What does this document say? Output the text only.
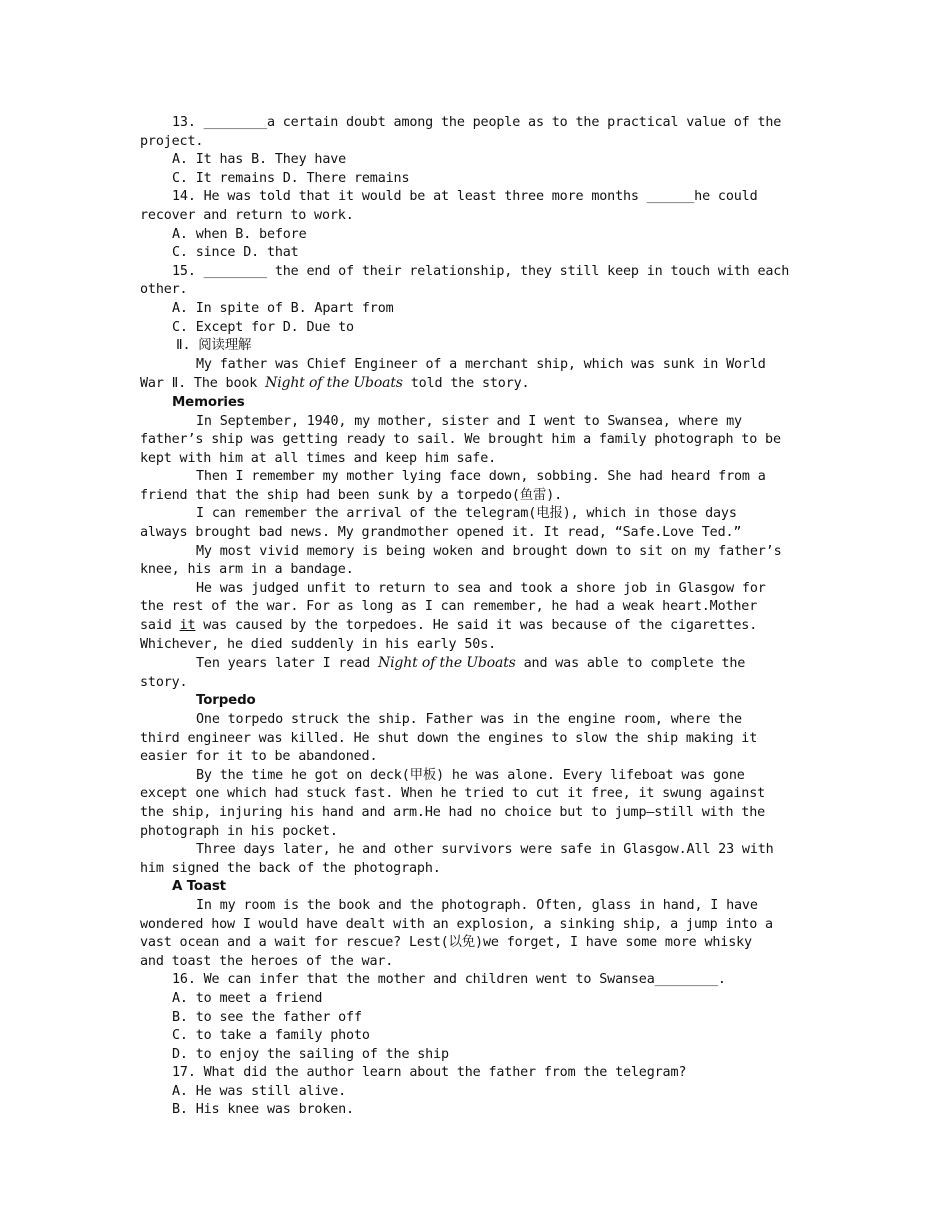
13. ________a certain doubt among the people as to the practical value of the

project.

A. It has B. They have

C. It remains D. There remains

14. He was told that it would be at least three more months ______he could

recover and return to work.

A. when B. before

C. since D. that

15. ________ the end of their relationship, they still keep in touch with each

other.

A. In spite of B. Apart from

C. Except for D. Due to

Ⅱ. 阅读理解

My father was Chief Engineer of a merchant ship, which was sunk in World

War Ⅱ. The book Night of the Uboats told the story.

Memories

In September, 1940, my mother, sister and I went to Swansea, where my

father’s ship was getting ready to sail. We brought him a family photograph to be

kept with him at all times and keep him safe.

Then I remember my mother lying face down, sobbing. She had heard from a

friend that the ship had been sunk by a torpedo(鱼雷).

I can remember the arrival of the telegram(电报), which in those days

always brought bad news. My grandmother opened it. It read, “Safe.Love Ted.”

My most vivid memory is being woken and brought down to sit on my father’s

knee, his arm in a bandage.

He was judged unfit to return to sea and took a shore job in Glasgow for

the rest of the war. For as long as I can remember, he had a weak heart.Mother

said it was caused by the torpedoes. He said it was because of the cigarettes.

Whichever, he died suddenly in his early 50s.

Ten years later I read Night of the Uboats and was able to complete the

story.

Torpedo

One torpedo struck the ship. Father was in the engine room, where the

third engineer was killed. He shut down the engines to slow the ship making it

easier for it to be abandoned.

By the time he got on deck(甲板) he was alone. Every lifeboat was gone

except one which had stuck fast. When he tried to cut it free, it swung against

the ship, injuring his hand and arm.He had no choice but to jump—still with the

photograph in his pocket.

Three days later, he and other survivors were safe in Glasgow.All 23 with

him signed the back of the photograph.

A Toast

In my room is the book and the photograph. Often, glass in hand, I have

wondered how I would have dealt with an explosion, a sinking ship, a jump into a

vast ocean and a wait for rescue? Lest(以免)we forget, I have some more whisky

and toast the heroes of the war.

16. We can infer that the mother and children went to Swansea________.

A. to meet a friend

B. to see the father off

C. to take a family photo

D. to enjoy the sailing of the ship

17. What did the author learn about the father from the telegram?

A. He was still alive.

B. His knee was broken.
